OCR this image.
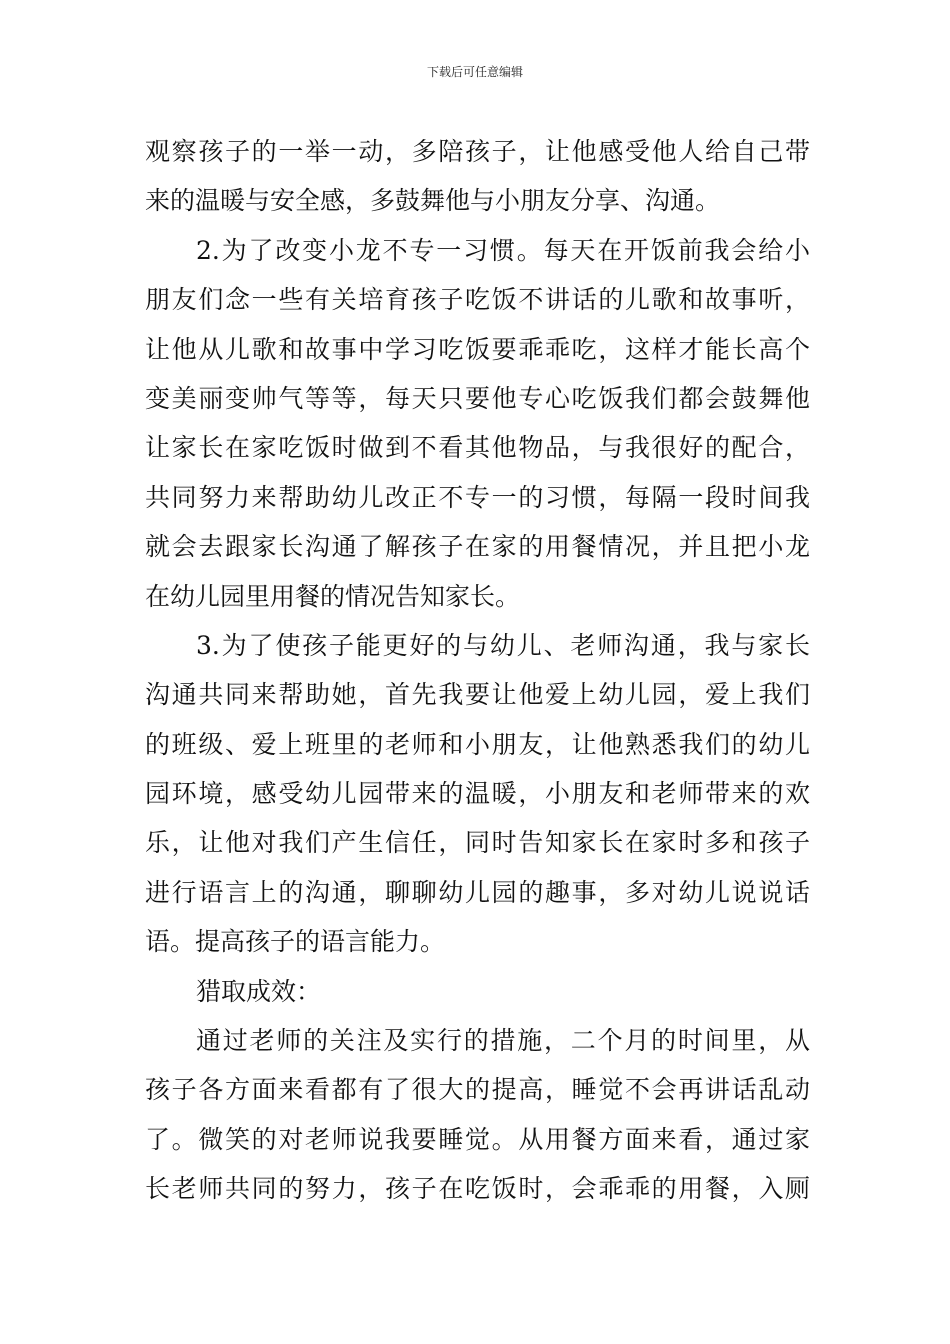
下载后可任意编辑
观察孩子的一举一动，多陪孩子，让他感受他人给自己带
来的温暖与安全感，多鼓舞他与小朋友分享、沟通。
2.为了改变小龙不专一习惯。每天在开饭前我会给小
朋友们念一些有关培育孩子吃饭不讲话的儿歌和故事听，
让他从儿歌和故事中学习吃饭要乖乖吃，这样才能长高个
变美丽变帅气等等，每天只要他专心吃饭我们都会鼓舞他
让家长在家吃饭时做到不看其他物品，与我很好的配合，
共同努力来帮助幼儿改正不专一的习惯，每隔一段时间我
就会去跟家长沟通了解孩子在家的用餐情况，并且把小龙
在幼儿园里用餐的情况告知家长。
3.为了使孩子能更好的与幼儿、老师沟通，我与家长
沟通共同来帮助她，首先我要让他爱上幼儿园，爱上我们
的班级、爱上班里的老师和小朋友，让他熟悉我们的幼儿
园环境，感受幼儿园带来的温暖，小朋友和老师带来的欢
乐，让他对我们产生信任，同时告知家长在家时多和孩子
进行语言上的沟通，聊聊幼儿园的趣事，多对幼儿说说话
语。提高孩子的语言能力。
猎取成效：
通过老师的关注及实行的措施，二个月的时间里，从
孩子各方面来看都有了很大的提高，睡觉不会再讲话乱动
了。微笑的对老师说我要睡觉。从用餐方面来看，通过家
长老师共同的努力，孩子在吃饭时，会乖乖的用餐，入厕
